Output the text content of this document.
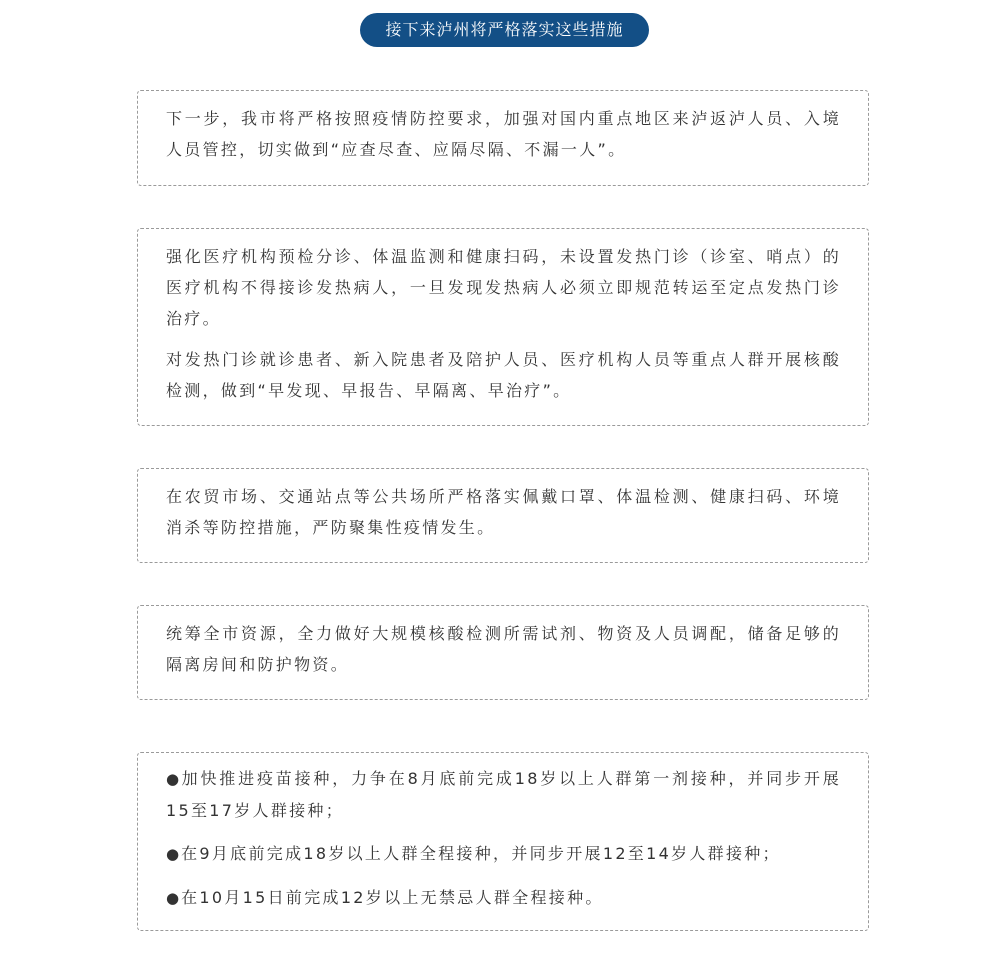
接下来泸州将严格落实这些措施

下一步，我市将严格按照疫情防控要求，加强对国内重点地区来泸返泸人员、入境人员管控，切实做到“应查尽查、应隔尽隔、不漏一人”。

强化医疗机构预检分诊、体温监测和健康扫码，未设置发热门诊（诊室、哨点）的医疗机构不得接诊发热病人，一旦发现发热病人必须立即规范转运至定点发热门诊治疗。

对发热门诊就诊患者、新入院患者及陪护人员、医疗机构人员等重点人群开展核酸检测，做到“早发现、早报告、早隔离、早治疗”。

在农贸市场、交通站点等公共场所严格落实佩戴口罩、体温检测、健康扫码、环境消杀等防控措施，严防聚集性疫情发生。

统筹全市资源，全力做好大规模核酸检测所需试剂、物资及人员调配，储备足够的隔离房间和防护物资。

● 加快推进疫苗接种，力争在8月底前完成18岁以上人群第一剂接种，并同步开展15至17岁人群接种；

● 在9月底前完成18岁以上人群全程接种，并同步开展12至14岁人群接种；

● 在10月15日前完成12岁以上无禁忌人群全程接种。
